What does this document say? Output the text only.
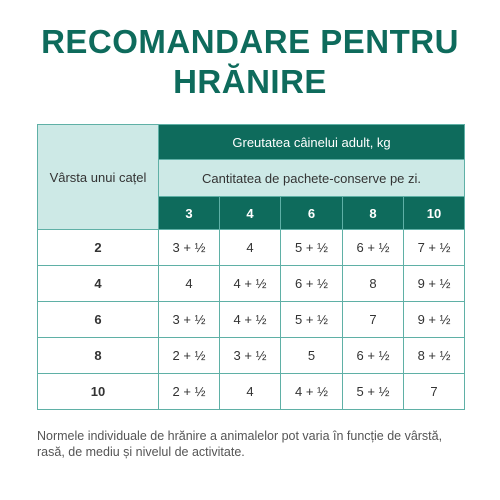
RECOMANDARE PENTRU
HRĂNIRE
Vârsta unui cațel	Greutatea câinelui adult, kg				
	Cantitatea de pachete-conserve pe zi.				
	3	4	6	8	10
2	3 + ½	4	5 + ½	6 + ½	7 + ½
4	4	4 + ½	6 + ½	8	9 + ½
6	3 + ½	4 + ½	5 + ½	7	9 + ½
8	2 + ½	3 + ½	5	6 + ½	8 + ½
10	2 + ½	4	4 + ½	5 + ½	7
Normele individuale de hrănire a animalelor pot varia în funcție de vârstă, rasă, de mediu și nivelul de activitate.
